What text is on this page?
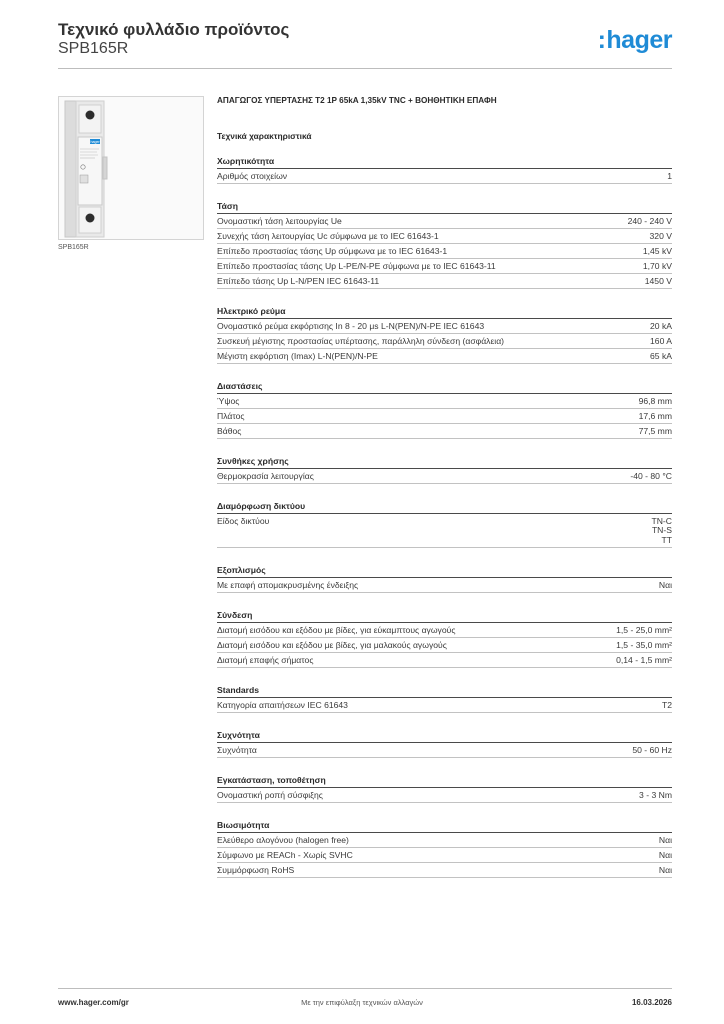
Τεχνικό φυλλάδιο προϊόντος
SPB165R	:hager
hager
SPB165R

ΑΠΑΓΩΓΟΣ ΥΠΕΡΤΑΣΗΣ Τ2 1P 65kA 1,35kV TNC + ΒΟΗΘΗΤΙΚΗ ΕΠΑΦΗ

Τεχνικά χαρακτηριστικά
Χωρητικότητα
Αριθμός στοιχείων	1
Τάση
Ονομαστική τάση λειτουργίας Ue	240 - 240 V
Συνεχής τάση λειτουργίας Uc σύμφωνα με το IEC 61643-1	320 V
Επίπεδο προστασίας τάσης Up σύμφωνα με το IEC 61643-1	1,45 kV
Επίπεδο προστασίας τάσης Up L-PE/N-PE σύμφωνα με το IEC 61643-11	1,70 kV
Επίπεδο τάσης Up L-N/PEN IEC 61643-11	1450 V
Ηλεκτρικό ρεύμα
Ονομαστικό ρεύμα εκφόρτισης In 8 - 20 μs L-N(PEN)/N-PE IEC 61643	20 kA
Συσκευή μέγιστης προστασίας υπέρτασης, παράλληλη σύνδεση (ασφάλεια)	160 A
Μέγιστη εκφόρτιση (Imax) L-N(PEN)/N-PE	65 kA
Διαστάσεις
Ύψος	96,8 mm
Πλάτος	17,6 mm
Βάθος	77,5 mm
Συνθήκες χρήσης
Θερμοκρασία λειτουργίας	-40 - 80 °C
Διαμόρφωση δικτύου
Είδος δικτύου	TN-C
TN-S
TT
Εξοπλισμός
Με επαφή απομακρυσμένης ένδειξης	Ναι
Σύνδεση
Διατομή εισόδου και εξόδου με βίδες, για εύκαμπτους αγωγούς	1,5 - 25,0 mm²
Διατομή εισόδου και εξόδου με βίδες, για μαλακούς αγωγούς	1,5 - 35,0 mm²
Διατομή επαφής σήματος	0,14 - 1,5 mm²
Standards
Κατηγορία απαιτήσεων IEC 61643	T2
Συχνότητα
Συχνότητα	50 - 60 Hz
Εγκατάσταση, τοποθέτηση
Ονομαστική ροπή σύσφιξης	3 - 3 Nm
Βιωσιμότητα
Ελεύθερο αλογόνου (halogen free)	Ναι
Σύμφωνο με REACh - Χωρίς SVHC	Ναι
Συμμόρφωση RoHS	Ναι
www.hager.com/gr	Με την επιφύλαξη τεχνικών αλλαγών	16.03.2026
